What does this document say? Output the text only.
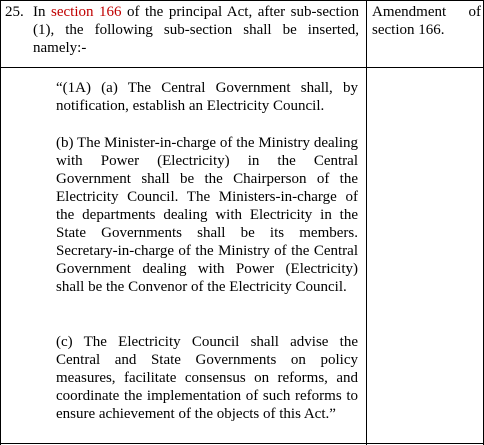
25. In section 166 of the principal Act, after sub-section (1), the following sub-section shall be inserted, namely:-
Amendment of section 166.
“(1A) (a) The Central Government shall, by notification, establish an Electricity Council.
(b) The Minister-in-charge of the Ministry dealing with Power (Electricity) in the Central Government shall be the Chairperson of the Electricity Council. The Ministers-in-charge of the departments dealing with Electricity in the State Governments shall be its members. Secretary-in-charge of the Ministry of the Central Government dealing with Power (Electricity) shall be the Convenor of the Electricity Council.
(c) The Electricity Council shall advise the Central and State Governments on policy measures, facilitate consensus on reforms, and coordinate the implementation of such reforms to ensure achievement of the objects of this Act.”
